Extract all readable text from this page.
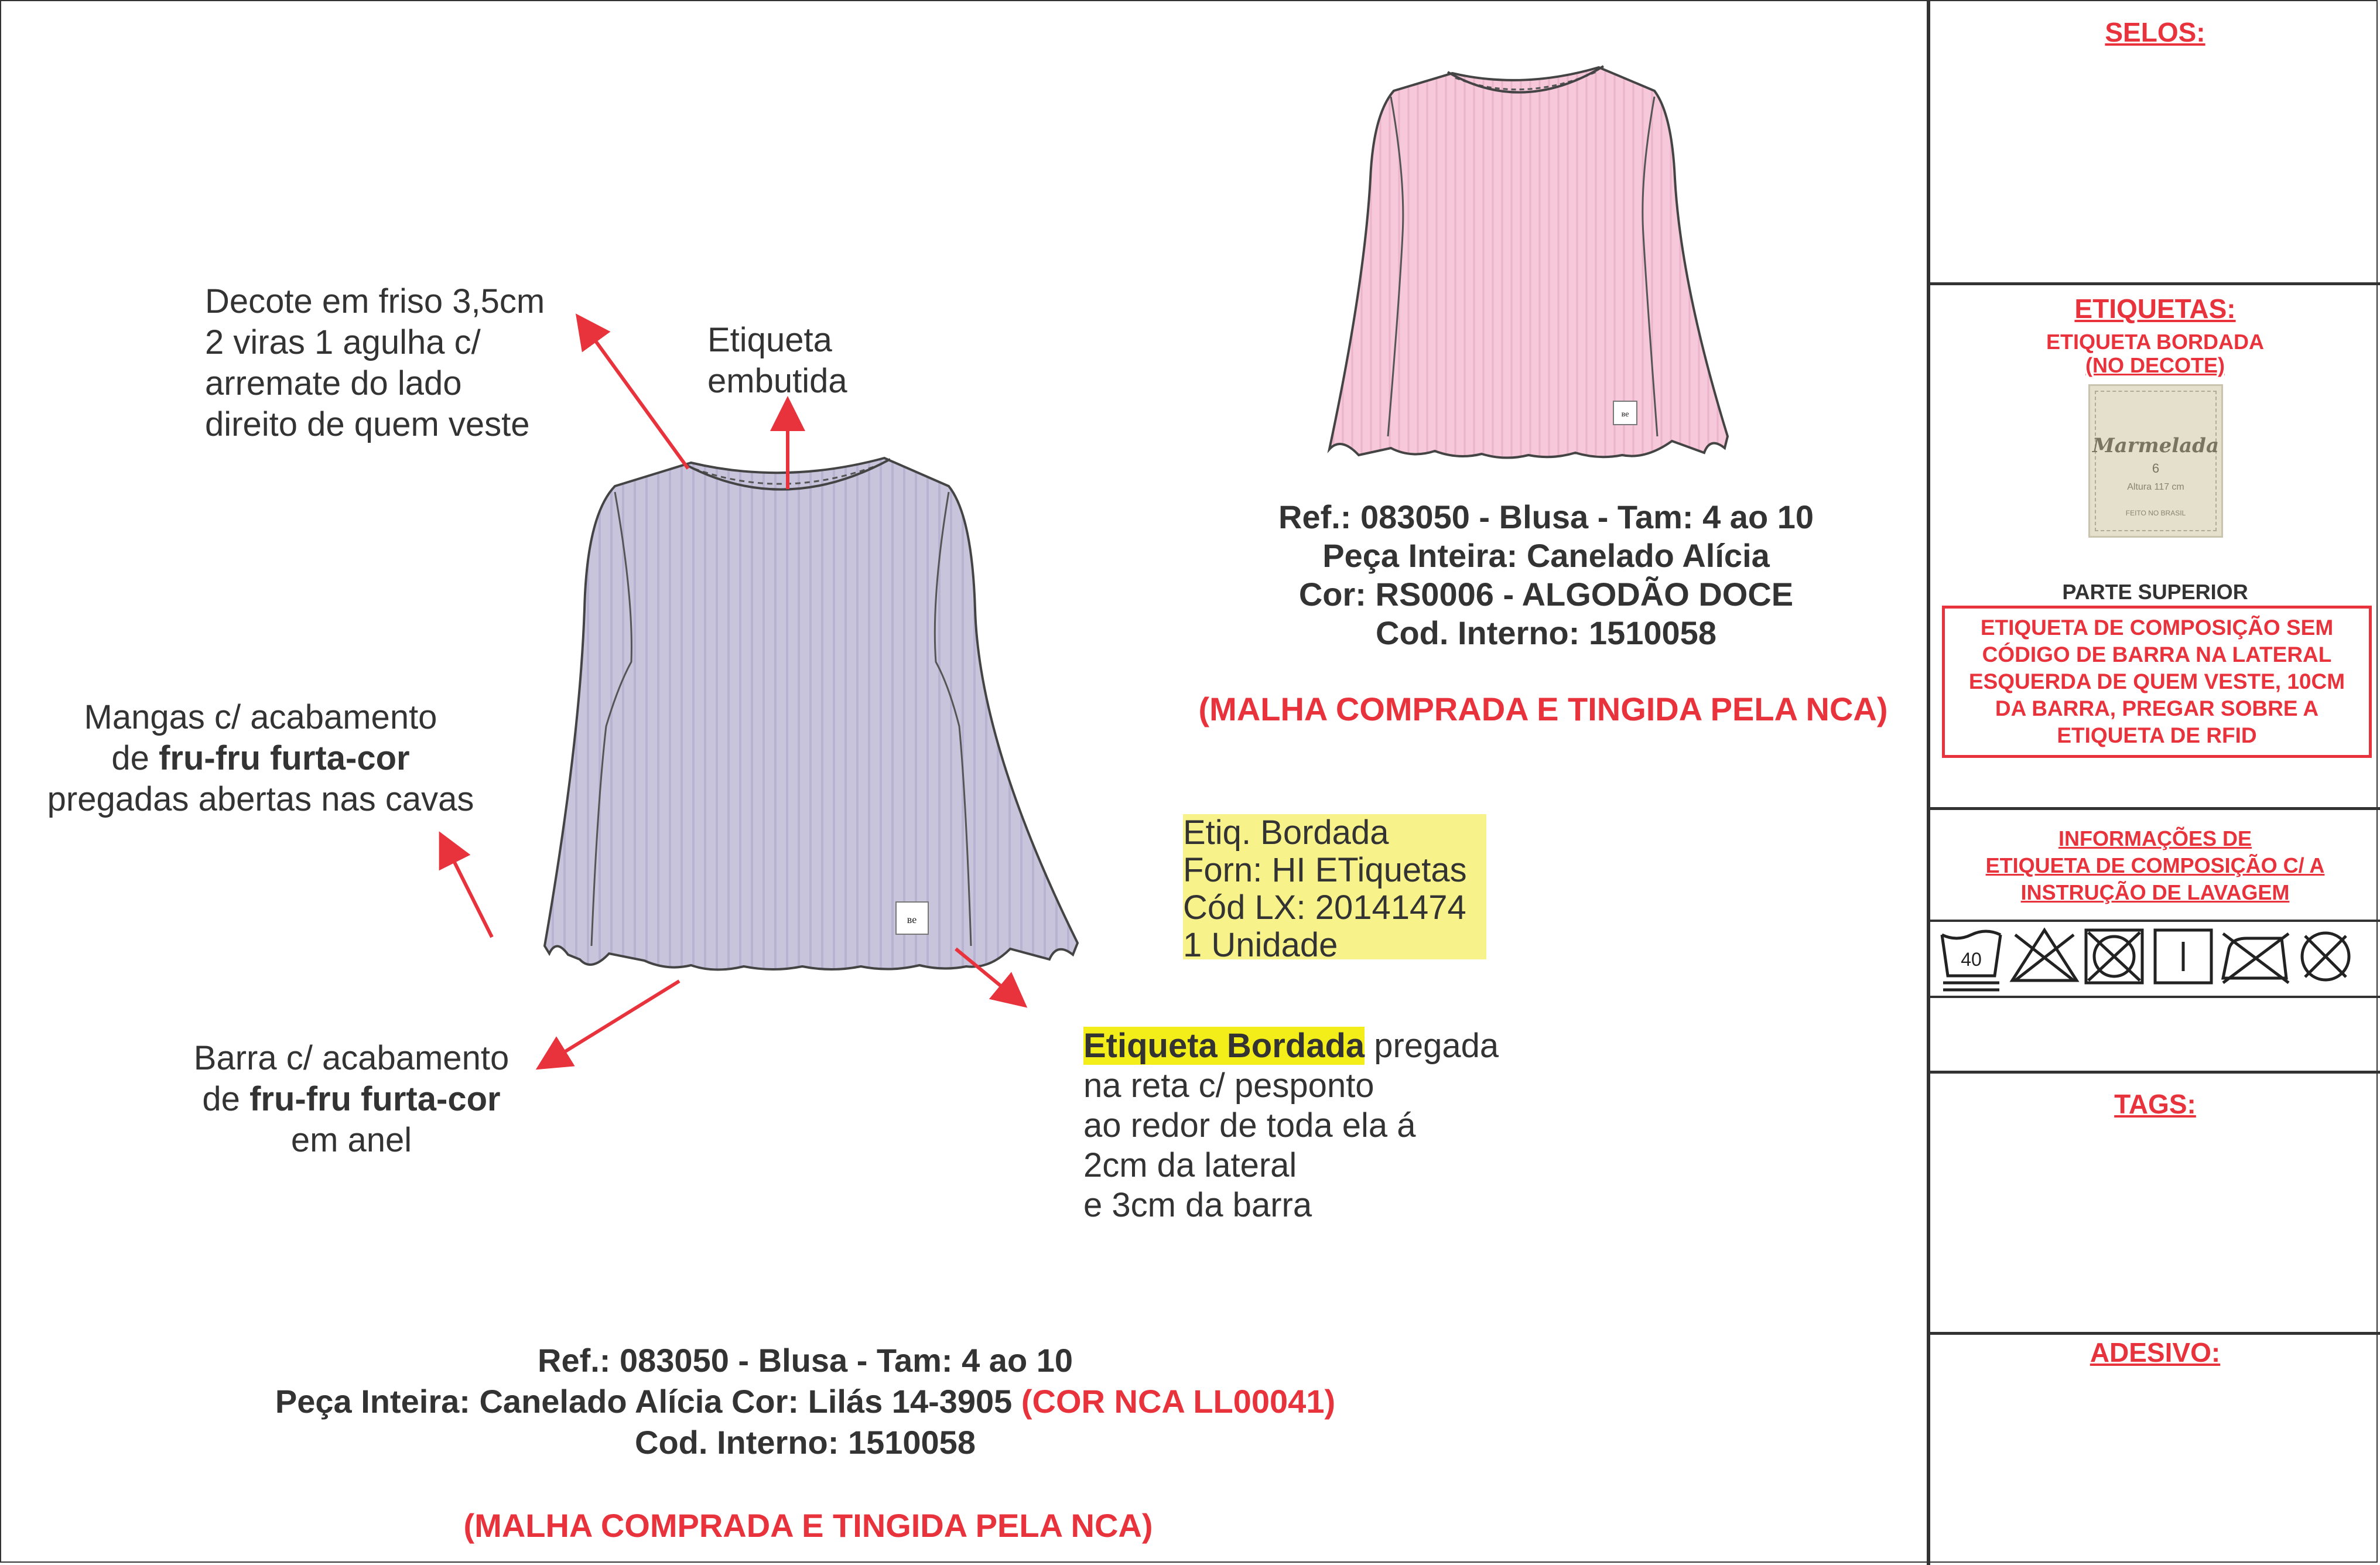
ʙe
ʙe
Decote em friso 3,5cm
2 viras 1 agulha c/
arremate do lado
direito de quem veste
Etiqueta
embutida
Mangas c/ acabamento
de fru-fru furta-cor
pregadas abertas nas cavas
Barra c/ acabamento
de fru-fru furta-cor
em anel
Etiq. Bordada
Forn: HI ETiquetas
Cód LX: 20141474
1 Unidade
Etiqueta Bordada pregada
na reta c/ pesponto
ao redor de toda ela á
2cm da lateral
e 3cm da barra
Ref.: 083050 - Blusa - Tam: 4 ao 10
Peça Inteira: Canelado Alícia
Cor: RS0006 - ALGODÃO DOCE
Cod. Interno: 1510058
(MALHA COMPRADA E TINGIDA PELA NCA)
Ref.: 083050 - Blusa - Tam: 4 ao 10
Peça Inteira: Canelado Alícia Cor: Lilás 14-3905 (COR NCA LL00041)
Cod. Interno: 1510058
(MALHA COMPRADA E TINGIDA PELA NCA)
SELOS:
ETIQUETAS:
ETIQUETA BORDADA
(NO DECOTE)
Marmelada
6
Altura 117 cm
FEITO NO BRASIL
PARTE SUPERIOR
ETIQUETA DE COMPOSIÇÃO SEM
CÓDIGO DE BARRA NA LATERAL
ESQUERDA DE QUEM VESTE, 10CM
DA BARRA, PREGAR SOBRE A
ETIQUETA DE RFID
INFORMAÇÕES DE
ETIQUETA DE COMPOSIÇÃO C/ A
INSTRUÇÃO DE LAVAGEM
40
TAGS:
ADESIVO:
